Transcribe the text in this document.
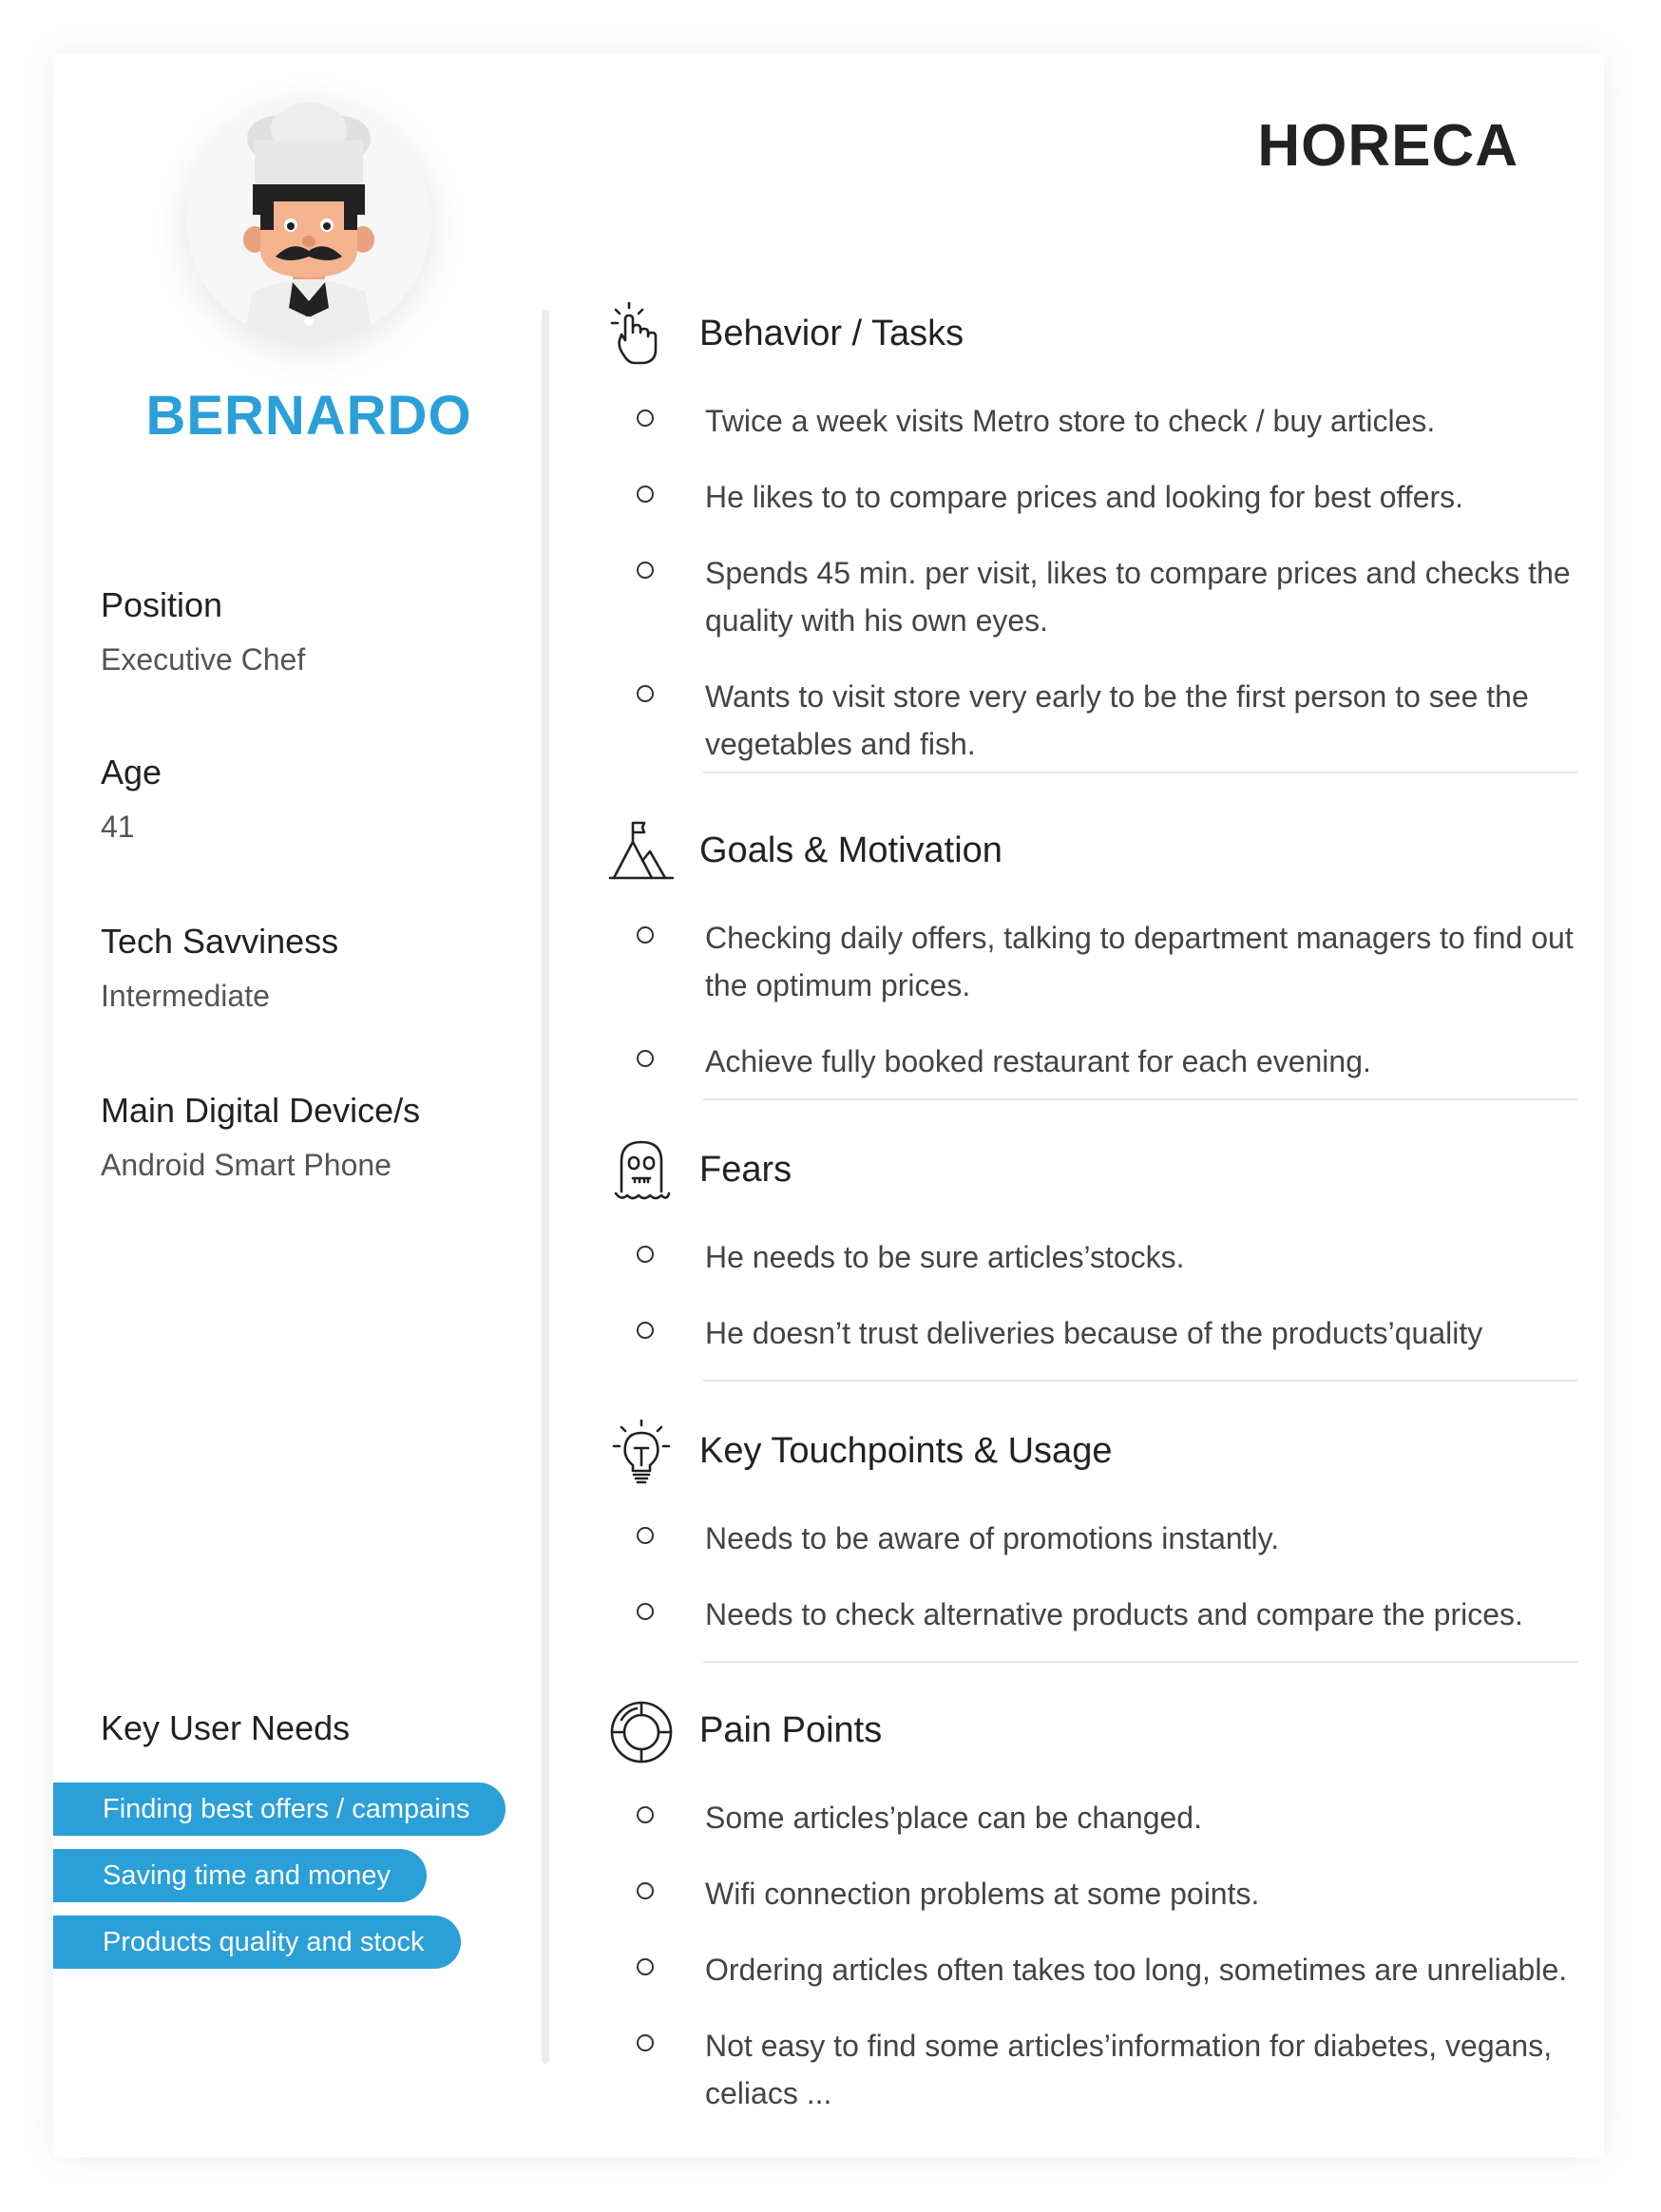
BERNARDO
HORECA
Position
Executive Chef
Age
41
Tech Savviness
Intermediate
Main Digital Device/s
Android Smart Phone
Key User Needs
Finding best offers / campains
Saving time and money
Products quality and stock
Behavior / Tasks
Twice a week visits Metro store to check / buy articles.
He likes to to compare prices and looking for best offers.
Spends 45 min. per visit, likes to compare prices and checks the quality with his own eyes.
Wants to visit store very early to be the first person to see the vegetables and fish.
Goals & Motivation
Checking daily offers, talking to department managers to find out the optimum prices.
Achieve fully booked restaurant for each evening.
Fears
He needs to be sure articles’stocks.
He doesn’t trust deliveries because of the products’quality
Key Touchpoints & Usage
Needs to be aware of promotions instantly.
Needs to check alternative products and compare the prices.
Pain Points
Some articles’place can be changed.
Wifi connection problems at some points.
Ordering articles often takes too long, sometimes are unreliable.
Not easy to find some articles’information for diabetes, vegans, celiacs ...
